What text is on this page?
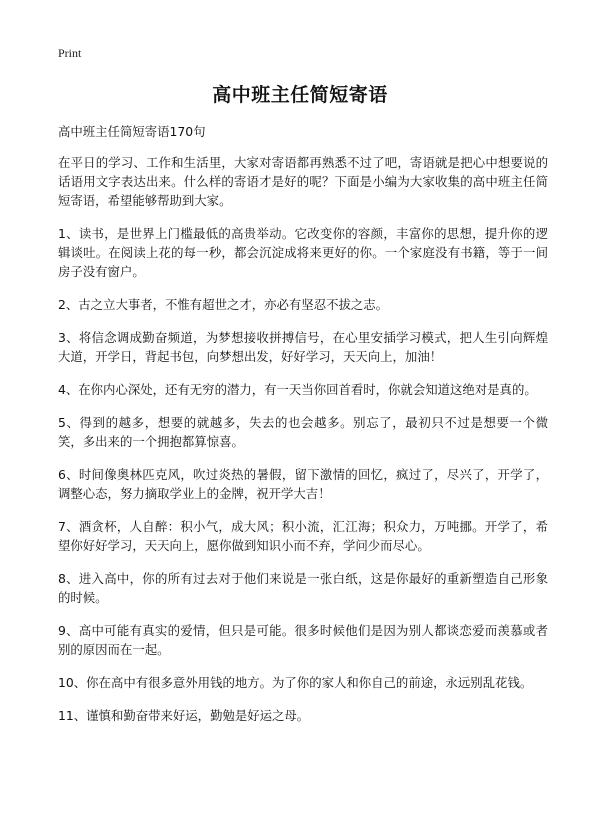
Print
高中班主任简短寄语

高中班主任简短寄语170句

在平日的学习、工作和生活里，大家对寄语都再熟悉不过了吧，寄语就是把心中想要说的话语用文字表达出来。什么样的寄语才是好的呢？下面是小编为大家收集的高中班主任简短寄语，希望能够帮助到大家。

1、读书，是世界上门槛最低的高贵举动。它改变你的容颜，丰富你的思想，提升你的逻辑谈吐。在阅读上花的每一秒，都会沉淀成将来更好的你。一个家庭没有书籍，等于一间房子没有窗户。

2、古之立大事者，不惟有超世之才，亦必有坚忍不拔之志。

3、将信念调成勤奋频道，为梦想接收拼搏信号，在心里安插学习模式，把人生引向辉煌大道，开学日，背起书包，向梦想出发，好好学习，天天向上，加油！

4、在你内心深处，还有无穷的潜力，有一天当你回首看时，你就会知道这绝对是真的。

5、得到的越多，想要的就越多，失去的也会越多。别忘了，最初只不过是想要一个微笑，多出来的一个拥抱都算惊喜。

6、时间像奥林匹克风，吹过炎热的暑假，留下激情的回忆，疯过了，尽兴了，开学了，调整心态，努力摘取学业上的金牌，祝开学大吉！

7、酒贪杯，人自醉：积小气，成大风；积小流，汇江海；积众力，万吨挪。开学了，希望你好好学习，天天向上，愿你做到知识小而不弃，学问少而尽心。

8、进入高中，你的所有过去对于他们来说是一张白纸，这是你最好的重新塑造自己形象的时候。

9、高中可能有真实的爱情，但只是可能。很多时候他们是因为别人都谈恋爱而羡慕或者别的原因而在一起。

10、你在高中有很多意外用钱的地方。为了你的家人和你自己的前途，永远别乱花钱。

11、谨慎和勤奋带来好运，勤勉是好运之母。
